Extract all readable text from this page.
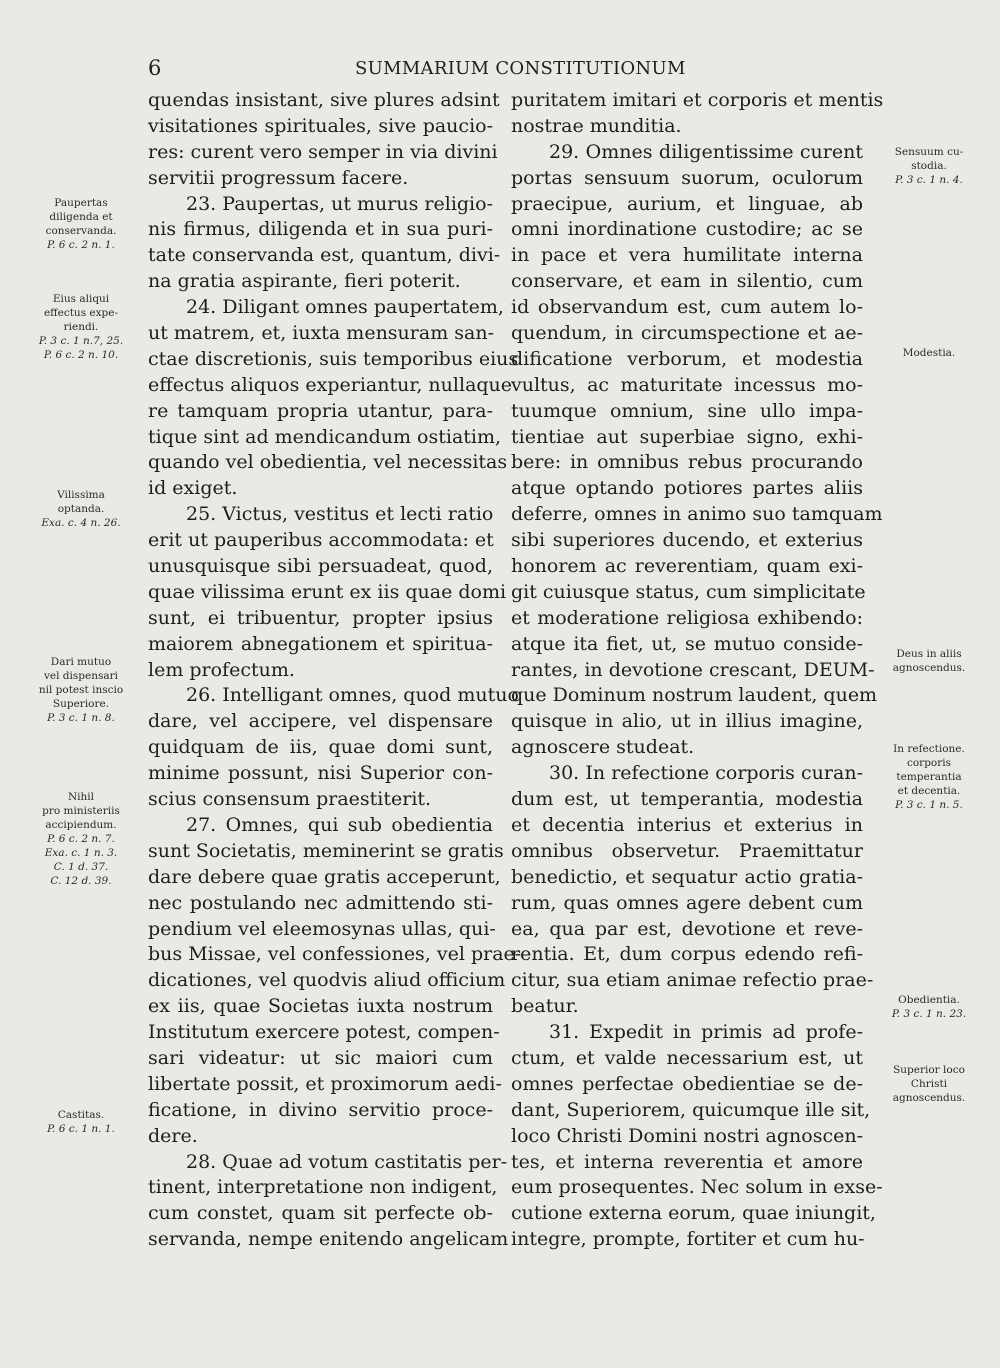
6	SUMMARIUM CONSTITUTIONUM
quendas insistant, sive plures adsint
visitationes spirituales, sive paucio-
res: curent vero semper in via divini
servitii progressum facere.
23. Paupertas, ut murus religio-
nis firmus, diligenda et in sua puri-
tate conservanda est, quantum, divi-
na gratia aspirante, fieri poterit.
24. Diligant omnes paupertatem,
ut matrem, et, iuxta mensuram san-
ctae discretionis, suis temporibus eius
effectus aliquos experiantur, nullaque
re tamquam propria utantur, para-
tique sint ad mendicandum ostiatim,
quando vel obedientia, vel necessitas
id exiget.
25. Victus, vestitus et lecti ratio
erit ut pauperibus accommodata: et
unusquisque sibi persuadeat, quod,
quae vilissima erunt ex iis quae domi
sunt, ei tribuentur, propter ipsius
maiorem abnegationem et spiritua-
lem profectum.
26. Intelligant omnes, quod mutuo
dare, vel accipere, vel dispensare
quidquam de iis, quae domi sunt,
minime possunt, nisi Superior con-
scius consensum praestiterit.
27. Omnes, qui sub obedientia
sunt Societatis, meminerint se gratis
dare debere quae gratis acceperunt,
nec postulando nec admittendo sti-
pendium vel eleemosynas ullas, qui-
bus Missae, vel confessiones, vel prae-
dicationes, vel quodvis aliud officium
ex iis, quae Societas iuxta nostrum
Institutum exercere potest, compen-
sari videatur: ut sic maiori cum
libertate possit, et proximorum aedi-
ficatione, in divino servitio proce-
dere.
28. Quae ad votum castitatis per-
tinent, interpretatione non indigent,
cum constet, quam sit perfecte ob-
servanda, nempe enitendo angelicam
puritatem imitari et corporis et mentis
nostrae munditia.
29. Omnes diligentissime curent
portas sensuum suorum, oculorum
praecipue, aurium, et linguae, ab
omni inordinatione custodire; ac se
in pace et vera humilitate interna
conservare, et eam in silentio, cum
id observandum est, cum autem lo-
quendum, in circumspectione et ae-
dificatione verborum, et modestia
vultus, ac maturitate incessus mo-
tuumque omnium, sine ullo impa-
tientiae aut superbiae signo, exhi-
bere: in omnibus rebus procurando
atque optando potiores partes aliis
deferre, omnes in animo suo tamquam
sibi superiores ducendo, et exterius
honorem ac reverentiam, quam exi-
git cuiusque status, cum simplicitate
et moderatione religiosa exhibendo:
atque ita fiet, ut, se mutuo conside-
rantes, in devotione crescant, DEUM-
que Dominum nostrum laudent, quem
quisque in alio, ut in illius imagine,
agnoscere studeat.
30. In refectione corporis curan-
dum est, ut temperantia, modestia
et decentia interius et exterius in
omnibus observetur. Praemittatur
benedictio, et sequatur actio gratia-
rum, quas omnes agere debent cum
ea, qua par est, devotione et reve-
rentia. Et, dum corpus edendo refi-
citur, sua etiam animae refectio prae-
beatur.
31. Expedit in primis ad profe-
ctum, et valde necessarium est, ut
omnes perfectae obedientiae se de-
dant, Superiorem, quicumque ille sit,
loco Christi Domini nostri agnoscen-
tes, et interna reverentia et amore
eum prosequentes. Nec solum in exse-
cutione externa eorum, quae iniungit,
integre, prompte, fortiter et cum hu-
Paupertas
diligenda et
conservanda.
P. 6 c. 2 n. 1.
Eius aliqui
effectus expe-
riendi.
P. 3 c. 1 n.7, 25.
P. 6 c. 2 n. 10.
Vilissima
optanda.
Exa. c. 4 n. 26.
Dari mutuo
vel dispensari
nil potest inscio
Superiore.
P. 3 c. 1 n. 8.
Nihil
pro ministeriis
accipiendum.
P. 6 c. 2 n. 7.
Exa. c. 1 n. 3.
C. 1 d. 37.
C. 12 d. 39.
Castitas.
P. 6 c. 1 n. 1.
Sensuum cu-
stodia.
P. 3 c. 1 n. 4.
Modestia.
Deus in aliis
agnoscendus.
In refectione.
corporis
temperantia
et decentia.
P. 3 c. 1 n. 5.
Obedientia.
P. 3 c. 1 n. 23.
Superior loco
Christi
agnoscendus.
